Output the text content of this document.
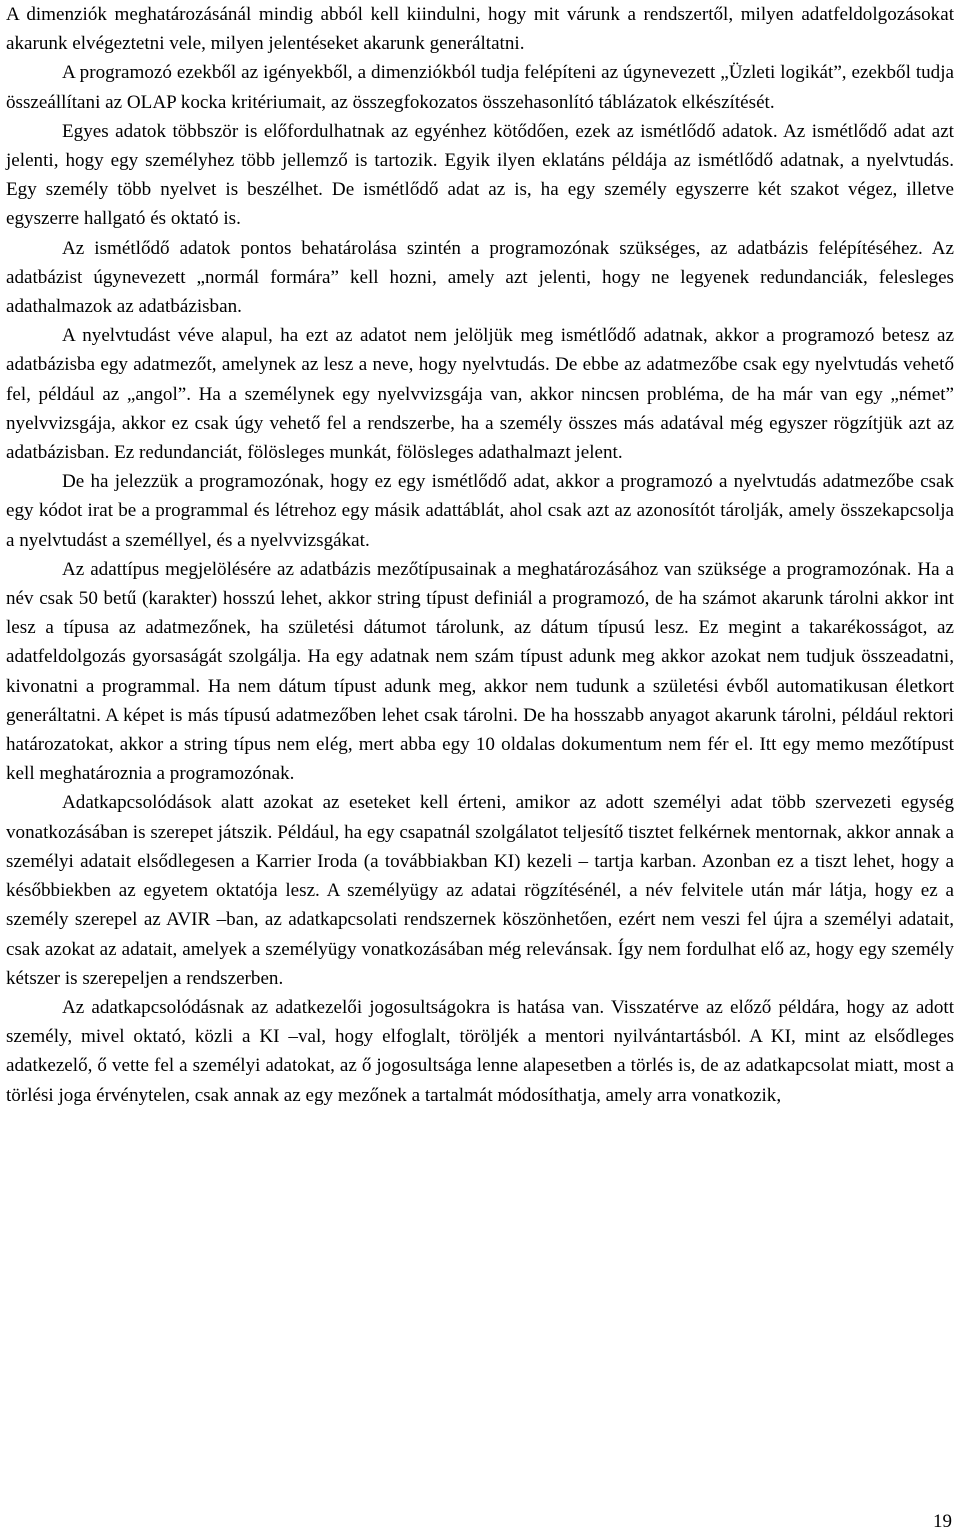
A dimenziók meghatározásánál mindig abból kell kiindulni, hogy mit várunk a rendszertől, milyen adatfeldolgozásokat akarunk elvégeztetni vele, milyen jelentéseket akarunk generáltatni.

A programozó ezekből az igényekből, a dimenziókból tudja felépíteni az úgynevezett „Üzleti logikát”, ezekből tudja összeállítani az OLAP kocka kritériumait, az összegfokozatos összehasonlító táblázatok elkészítését.

Egyes adatok többször is előfordulhatnak az egyénhez kötődően, ezek az ismétlődő adatok. Az ismétlődő adat azt jelenti, hogy egy személyhez több jellemző is tartozik. Egyik ilyen eklatáns példája az ismétlődő adatnak, a nyelvtudás. Egy személy több nyelvet is beszélhet. De ismétlődő adat az is, ha egy személy egyszerre két szakot végez, illetve egyszerre hallgató és oktató is.

Az ismétlődő adatok pontos behatárolása szintén a programozónak szükséges, az adatbázis felépítéséhez. Az adatbázist úgynevezett „normál formára” kell hozni, amely azt jelenti, hogy ne legyenek redundanciák, felesleges adathalmazok az adatbázisban.

A nyelvtudást véve alapul, ha ezt az adatot nem jelöljük meg ismétlődő adatnak, akkor a programozó betesz az adatbázisba egy adatmezőt, amelynek az lesz a neve, hogy nyelvtudás. De ebbe az adatmezőbe csak egy nyelvtudás vehető fel, például az „angol”. Ha a személynek egy nyelvvizsgája van, akkor nincsen probléma, de ha már van egy „német” nyelvvizsgája, akkor ez csak úgy vehető fel a rendszerbe, ha a személy összes más adatával még egyszer rögzítjük azt az adatbázisban. Ez redundanciát, fölösleges munkát, fölösleges adathalmazt jelent.

De ha jelezzük a programozónak, hogy ez egy ismétlődő adat, akkor a programozó a nyelvtudás adatmezőbe csak egy kódot irat be a programmal és létrehoz egy másik adattáblát, ahol csak azt az azonosítót tárolják, amely összekapcsolja a nyelvtudást a személlyel, és a nyelvvizsgákat.

Az adattípus megjelölésére az adatbázis mezőtípusainak a meghatározásához van szüksége a programozónak. Ha a név csak 50 betű (karakter) hosszú lehet, akkor string típust definiál a programozó, de ha számot akarunk tárolni akkor int lesz a típusa az adatmezőnek, ha születési dátumot tárolunk, az dátum típusú lesz. Ez megint a takarékosságot, az adatfeldolgozás gyorsaságát szolgálja. Ha egy adatnak nem szám típust adunk meg akkor azokat nem tudjuk összeadatni, kivonatni a programmal. Ha nem dátum típust adunk meg, akkor nem tudunk a születési évből automatikusan életkort generáltatni. A képet is más típusú adatmezőben lehet csak tárolni. De ha hosszabb anyagot akarunk tárolni, például rektori határozatokat, akkor a string típus nem elég, mert abba egy 10 oldalas dokumentum nem fér el. Itt egy memo mezőtípust kell meghatároznia a programozónak.

Adatkapcsolódások alatt azokat az eseteket kell érteni, amikor az adott személyi adat több szervezeti egység vonatkozásában is szerepet játszik. Például, ha egy csapatnál szolgálatot teljesítő tisztet felkérnek mentornak, akkor annak a személyi adatait elsődlegesen a Karrier Iroda (a továbbiakban KI) kezeli – tartja karban. Azonban ez a tiszt lehet, hogy a későbbiekben az egyetem oktatója lesz. A személyügy az adatai rögzítésénél, a név felvitele után már látja, hogy ez a személy szerepel az AVIR –ban, az adatkapcsolati rendszernek köszönhetően, ezért nem veszi fel újra a személyi adatait, csak azokat az adatait, amelyek a személyügy vonatkozásában még relevánsak. Így nem fordulhat elő az, hogy egy személy kétszer is szerepeljen a rendszerben.

Az adatkapcsolódásnak az adatkezelői jogosultságokra is hatása van. Visszatérve az előző példára, hogy az adott személy, mivel oktató, közli a KI –val, hogy elfoglalt, töröljék a mentori nyilvántartásból. A KI, mint az elsődleges adatkezelő, ő vette fel a személyi adatokat, az ő jogosultsága lenne alapesetben a törlés is, de az adatkapcsolat miatt, most a törlési joga érvénytelen, csak annak az egy mezőnek a tartalmát módosíthatja, amely arra vonatkozik,

19
